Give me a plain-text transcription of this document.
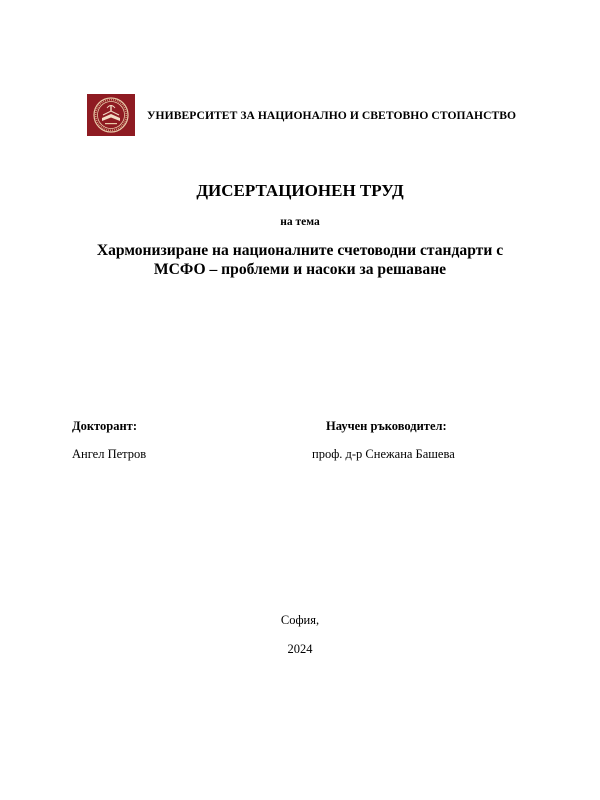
УНИВЕРСИТЕТ ЗА НАЦИОНАЛНО И СВЕТОВНО СТОПАНСТВО
ДИСЕРТАЦИОНЕН ТРУД
на тема
Хармонизиране на националните счетоводни стандарти с
МСФО – проблеми и насоки за решаване
Докторант:
Ангел Петров
Научен ръководител:
проф. д-р Снежана Башева
София,
2024
